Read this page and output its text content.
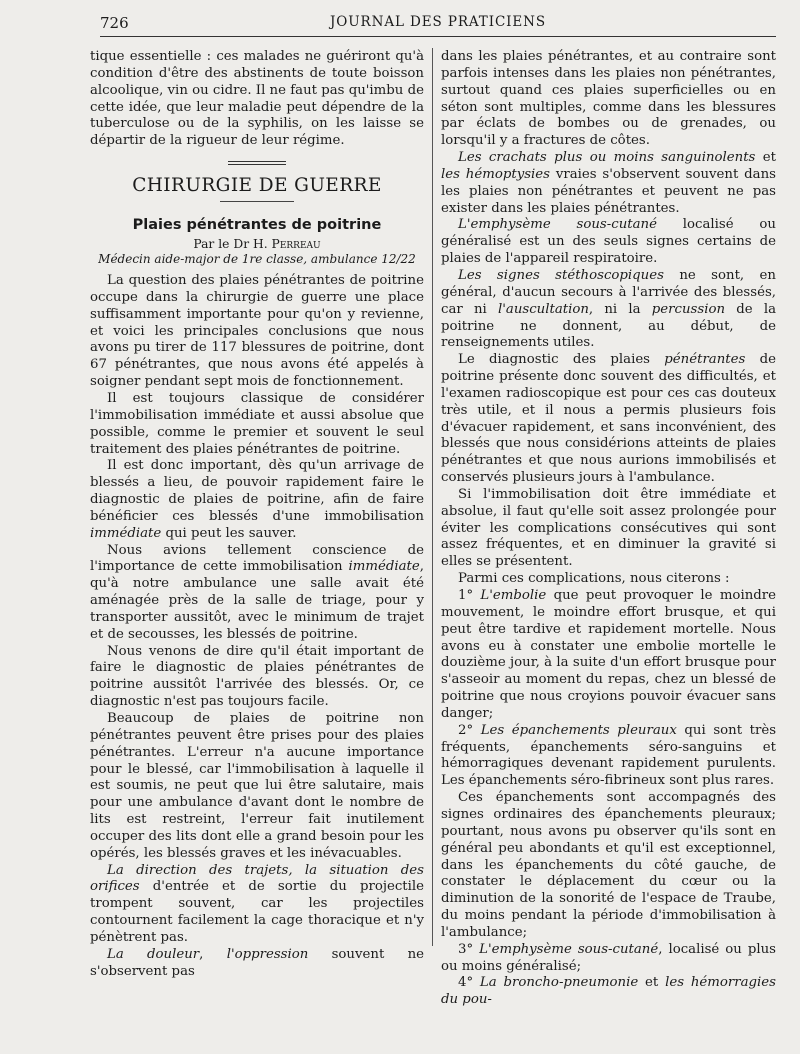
726	JOURNAL DES PRATICIENS

tique essentielle : ces malades ne guériront qu'à condition d'être des abstinents de toute boisson alcoolique, vin ou cidre. Il ne faut pas qu'imbu de cette idée, que leur maladie peut dépendre de la tuberculose ou de la syphilis, on les laisse se départir de la rigueur de leur régime.

CHIRURGIE DE GUERRE
Plaies pénétrantes de poitrine
Par le Dr H. Perreau
Médecin aide-major de 1re classe, ambulance 12/22

La question des plaies pénétrantes de poitrine occupe dans la chirurgie de guerre une place suffisamment importante pour qu'on y revienne, et voici les principales conclusions que nous avons pu tirer de 117 blessures de poitrine, dont 67 pénétrantes, que nous avons été appelés à soigner pendant sept mois de fonctionnement.

Il est toujours classique de considérer l'immobilisation immédiate et aussi absolue que possible, comme le premier et souvent le seul traitement des plaies pénétrantes de poitrine.

Il est donc important, dès qu'un arrivage de blessés a lieu, de pouvoir rapidement faire le diagnostic de plaies de poitrine, afin de faire bénéficier ces blessés d'une immobilisation immédiate qui peut les sauver.

Nous avions tellement conscience de l'importance de cette immobilisation immédiate, qu'à notre ambulance une salle avait été aménagée près de la salle de triage, pour y transporter aussitôt, avec le minimum de trajet et de secousses, les blessés de poitrine.

Nous venons de dire qu'il était important de faire le diagnostic de plaies pénétrantes de poitrine aussitôt l'arrivée des blessés. Or, ce diagnostic n'est pas toujours facile.

Beaucoup de plaies de poitrine non pénétrantes peuvent être prises pour des plaies pénétrantes. L'erreur n'a aucune importance pour le blessé, car l'immobilisation à laquelle il est soumis, ne peut que lui être salutaire, mais pour une ambulance d'avant dont le nombre de lits est restreint, l'erreur fait inutilement occuper des lits dont elle a grand besoin pour les opérés, les blessés graves et les inévacuables.

La direction des trajets, la situation des orifices d'entrée et de sortie du projectile trompent souvent, car les projectiles contournent facilement la cage thoracique et n'y pénètrent pas.

La douleur, l'oppression souvent ne s'observent pas

dans les plaies pénétrantes, et au contraire sont parfois intenses dans les plaies non pénétrantes, surtout quand ces plaies superficielles ou en séton sont multiples, comme dans les blessures par éclats de bombes ou de grenades, ou lorsqu'il y a fractures de côtes.

Les crachats plus ou moins sanguinolents et les hémoptysies vraies s'observent souvent dans les plaies non pénétrantes et peuvent ne pas exister dans les plaies pénétrantes.

L'emphysème sous-cutané localisé ou généralisé est un des seuls signes certains de plaies de l'appareil respiratoire.

Les signes stéthoscopiques ne sont, en général, d'aucun secours à l'arrivée des blessés, car ni l'auscultation, ni la percussion de la poitrine ne donnent, au début, de renseignements utiles.

Le diagnostic des plaies pénétrantes de poitrine présente donc souvent des difficultés, et l'examen radioscopique est pour ces cas douteux très utile, et il nous a permis plusieurs fois d'évacuer rapidement, et sans inconvénient, des blessés que nous considérions atteints de plaies pénétrantes et que nous aurions immobilisés et conservés plusieurs jours à l'ambulance.

Si l'immobilisation doit être immédiate et absolue, il faut qu'elle soit assez prolongée pour éviter les complications consécutives qui sont assez fréquentes, et en diminuer la gravité si elles se présentent.

Parmi ces complications, nous citerons :

1° L'embolie que peut provoquer le moindre mouvement, le moindre effort brusque, et qui peut être tardive et rapidement mortelle. Nous avons eu à constater une embolie mortelle le douzième jour, à la suite d'un effort brusque pour s'asseoir au moment du repas, chez un blessé de poitrine que nous croyions pouvoir évacuer sans danger;

2° Les épanchements pleuraux qui sont très fréquents, épanchements séro-sanguins et hémorragiques devenant rapidement purulents. Les épanchements séro-fibrineux sont plus rares.

Ces épanchements sont accompagnés des signes ordinaires des épanchements pleuraux; pourtant, nous avons pu observer qu'ils sont en général peu abondants et qu'il est exceptionnel, dans les épanchements du côté gauche, de constater le déplacement du cœur ou la diminution de la sonorité de l'espace de Traube, du moins pendant la période d'immobilisation à l'ambulance;

3° L'emphysème sous-cutané, localisé ou plus ou moins généralisé;

4° La broncho-pneumonie et les hémorragies du pou-
